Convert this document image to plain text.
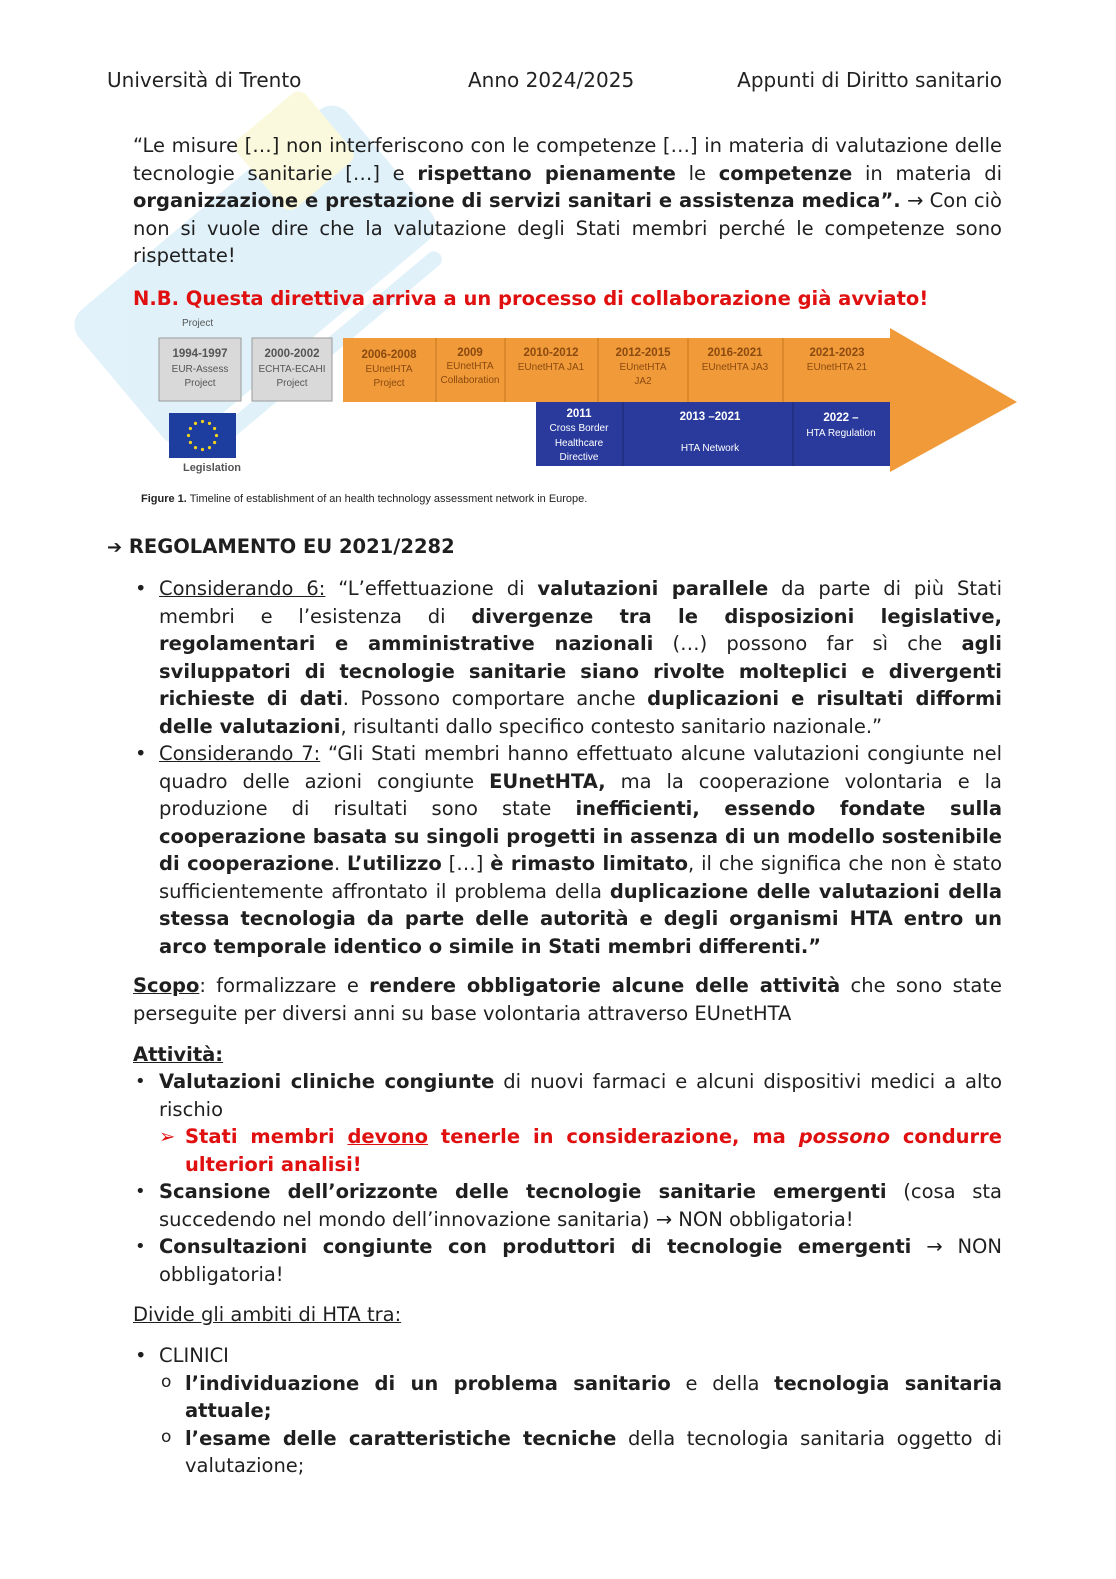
Università di Trento	Anno 2024/2025	Appunti di Diritto sanitario
“Le misure […] non interferiscono con le competenze […] in materia di valutazione delle tecnologie sanitarie […] e rispettano pienamente le competenze in materia di organizzazione e prestazione di servizi sanitari e assistenza medica”. → Con ciò non si vuole dire che la valutazione degli Stati membri perché le competenze sono rispettate!
N.B. Questa direttiva arriva a un processo di collaborazione già avviato!
Project
1994-1997
EUR-Assess
Project
2000-2002
ECHTA-ECAHI
Project
2006-2008
EUnetHTA
Project
2009
EUnetHTA
Collaboration
2010-2012
EUnetHTA JA1
2012-2015
EUnetHTA
JA2
2016-2021
EUnetHTA JA3
2021-2023
EUnetHTA 21
2011
Cross Border
Healthcare
Directive
2013 –2021
HTA Network
2022 –
HTA Regulation
Legislation
Figure 1. Timeline of establishment of an health technology assessment network in Europe.
➔ REGOLAMENTO EU 2021/2282
• Considerando 6: “L’effettuazione di valutazioni parallele da parte di più Stati membri e l’esistenza di divergenze tra le disposizioni legislative, regolamentari e amministrative nazionali (…) possono far sì che agli sviluppatori di tecnologie sanitarie siano rivolte molteplici e divergenti richieste di dati. Possono comportare anche duplicazioni e risultati difformi delle valutazioni, risultanti dallo specifico contesto sanitario nazionale.”
• Considerando 7: “Gli Stati membri hanno effettuato alcune valutazioni congiunte nel quadro delle azioni congiunte EUnetHTA, ma la cooperazione volontaria e la produzione di risultati sono state inefficienti, essendo fondate sulla cooperazione basata su singoli progetti in assenza di un modello sostenibile di cooperazione. L’utilizzo […] è rimasto limitato, il che significa che non è stato sufficientemente affrontato il problema della duplicazione delle valutazioni della stessa tecnologia da parte delle autorità e degli organismi HTA entro un arco temporale identico o simile in Stati membri differenti.”
Scopo: formalizzare e rendere obbligatorie alcune delle attività che sono state perseguite per diversi anni su base volontaria attraverso EUnetHTA
Attività:
• Valutazioni cliniche congiunte di nuovi farmaci e alcuni dispositivi medici a alto rischio
➢ Stati membri devono tenerle in considerazione, ma possono condurre ulteriori analisi!
• Scansione dell’orizzonte delle tecnologie sanitarie emergenti (cosa sta succedendo nel mondo dell’innovazione sanitaria) → NON obbligatoria!
• Consultazioni congiunte con produttori di tecnologie emergenti → NON obbligatoria!
Divide gli ambiti di HTA tra:
• CLINICI
o l’individuazione di un problema sanitario e della tecnologia sanitaria attuale;
o l’esame delle caratteristiche tecniche della tecnologia sanitaria oggetto di valutazione;
